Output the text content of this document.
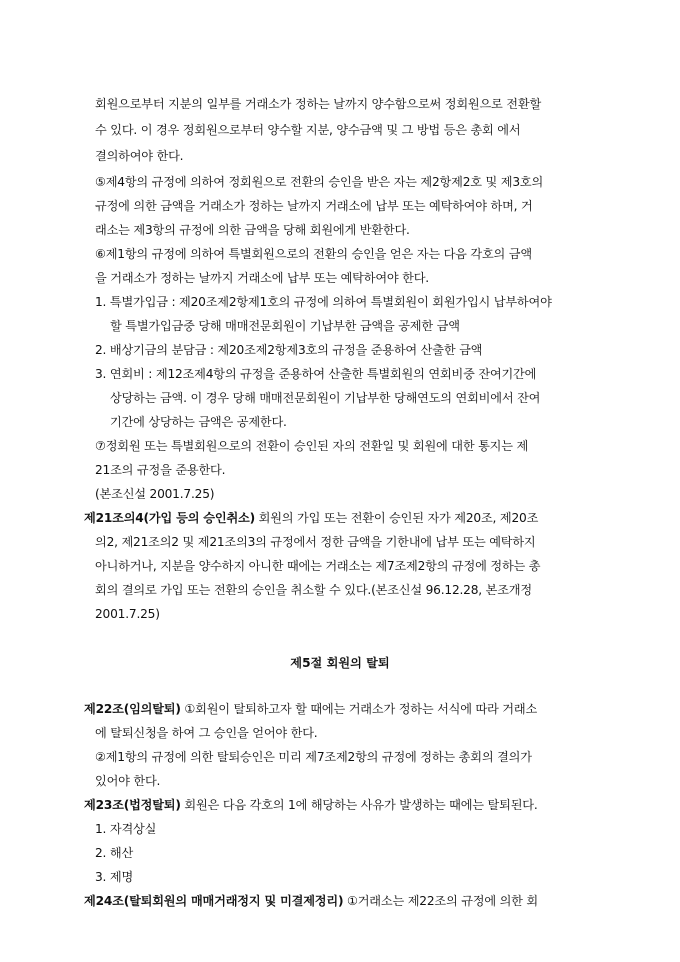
회원으로부터 지분의 일부를 거래소가 정하는 날까지 양수함으로써 정회원으로 전환할
수 있다. 이 경우 정회원으로부터 양수할 지분, 양수금액 및 그 방법 등은 총회 에서
결의하여야 한다.
⑤제4항의 규정에 의하여 정회원으로 전환의 승인을 받은 자는 제2항제2호 및 제3호의
규정에 의한 금액을 거래소가 정하는 날까지 거래소에 납부 또는 예탁하여야 하며, 거
래소는 제3항의 규정에 의한 금액을 당해 회원에게 반환한다.
⑥제1항의 규정에 의하여 특별회원으로의 전환의 승인을 얻은 자는 다음 각호의 금액
을 거래소가 정하는 날까지 거래소에 납부 또는 예탁하여야 한다.
1. 특별가입금 : 제20조제2항제1호의 규정에 의하여 특별회원이 회원가입시 납부하여야
할 특별가입금중 당해 매매전문회원이 기납부한 금액을 공제한 금액
2. 배상기금의 분담금 : 제20조제2항제3호의 규정을 준용하여 산출한 금액
3. 연회비 : 제12조제4항의 규정을 준용하여 산출한 특별회원의 연회비중 잔여기간에
상당하는 금액. 이 경우 당해 매매전문회원이 기납부한 당해연도의 연회비에서 잔여
기간에 상당하는 금액은 공제한다.
⑦정회원 또는 특별회원으로의 전환이 승인된 자의 전환일 및 회원에 대한 통지는 제
21조의 규정을 준용한다.
(본조신설 2001.7.25)
제21조의4(가입 등의 승인취소) 회원의 가입 또는 전환이 승인된 자가 제20조, 제20조
의2, 제21조의2 및 제21조의3의 규정에서 정한 금액을 기한내에 납부 또는 예탁하지
아니하거나, 지분을 양수하지 아니한 때에는 거래소는 제7조제2항의 규정에 정하는 총
회의 결의로 가입 또는 전환의 승인을 취소할 수 있다.(본조신설 96.12.28, 본조개정
2001.7.25)
제5절 회원의 탈퇴
제22조(임의탈퇴) ①회원이 탈퇴하고자 할 때에는 거래소가 정하는 서식에 따라 거래소
에 탈퇴신청을 하여 그 승인을 얻어야 한다.
②제1항의 규정에 의한 탈퇴승인은 미리 제7조제2항의 규정에 정하는 총회의 결의가
있어야 한다.
제23조(법정탈퇴) 회원은 다음 각호의 1에 해당하는 사유가 발생하는 때에는 탈퇴된다.
1. 자격상실
2. 해산
3. 제명
제24조(탈퇴회원의 매매거래정지 및 미결제정리) ①거래소는 제22조의 규정에 의한 회
